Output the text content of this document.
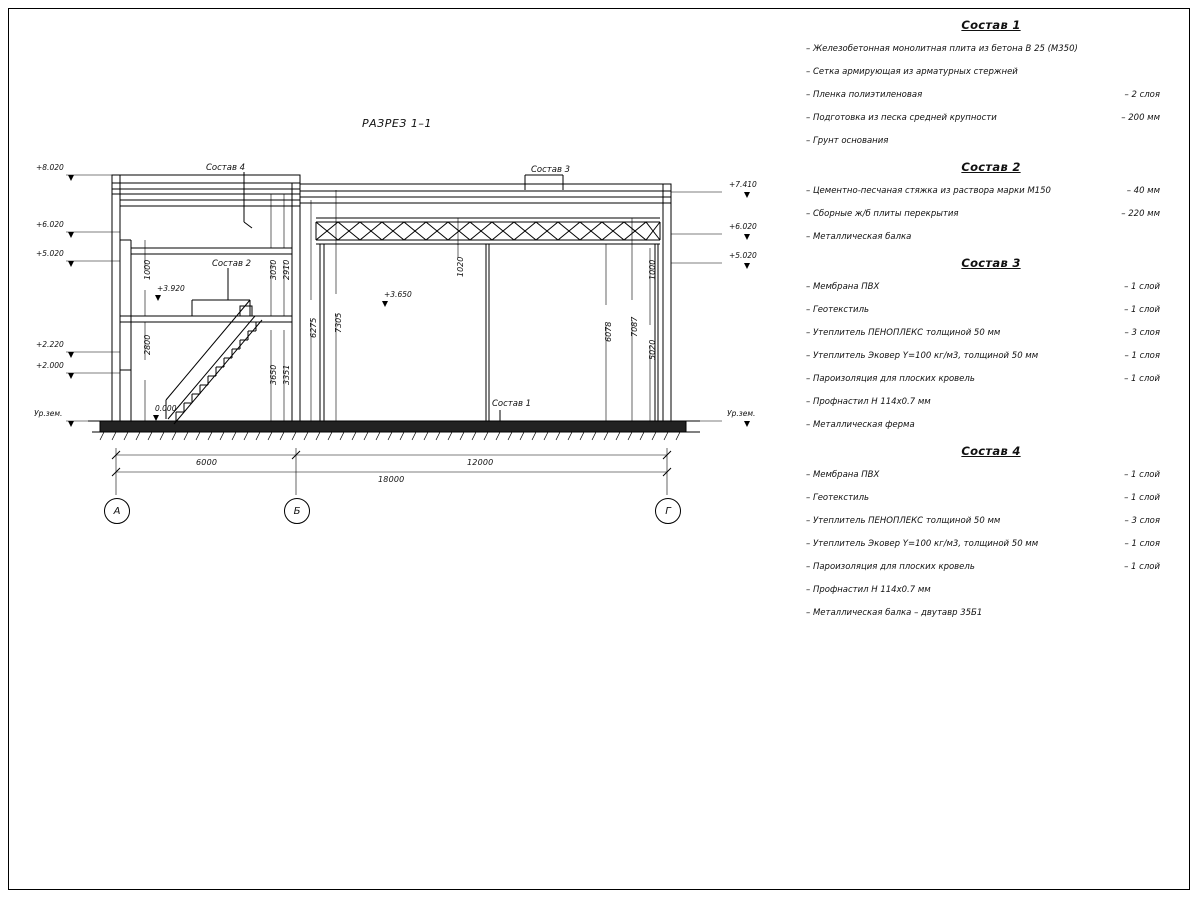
РАЗРЕЗ 1–1
Состав 4	Состав 3
Состав 2
Состав 1
+8.020
+6.020
+5.020
+2.220
+2.000
Ур.зем.
+7.410
+6.020
+5.020
Ур.зем.
+3.920
+3.650
0.000
1000
2800
3030 2910
3650 3351
6275 7305
1020
6078 7087
5020
1000
6000	12000
18000
А	Б	Г
Состав 1
– Железобетонная монолитная плита из бетона В 25 (М350)
– Сетка армирующая из арматурных стержней
– Пленка полиэтиленовая	– 2 слоя
– Подготовка из песка средней крупности	– 200 мм
– Грунт основания
Состав 2
– Цементно-песчаная стяжка из раствора марки М150	– 40 мм
– Сборные ж/б плиты перекрытия	– 220 мм
– Металлическая балка
Состав 3
– Мембрана ПВХ	– 1 слой
– Геотекстиль	– 1 слой
– Утеплитель ПЕНОПЛЕКС толщиной 50 мм	– 3 слоя
– Утеплитель Эковер Y=100 кг/м3, толщиной 50 мм	– 1 слоя
– Пароизоляция для плоских кровель	– 1 слой
– Профнастил Н 114х0.7 мм
– Металлическая ферма
Состав 4
– Мембрана ПВХ	– 1 слой
– Геотекстиль	– 1 слой
– Утеплитель ПЕНОПЛЕКС толщиной 50 мм	– 3 слоя
– Утеплитель Эковер Y=100 кг/м3, толщиной 50 мм	– 1 слоя
– Пароизоляция для плоских кровель	– 1 слой
– Профнастил Н 114х0.7 мм
– Металлическая балка – двутавр 35Б1
